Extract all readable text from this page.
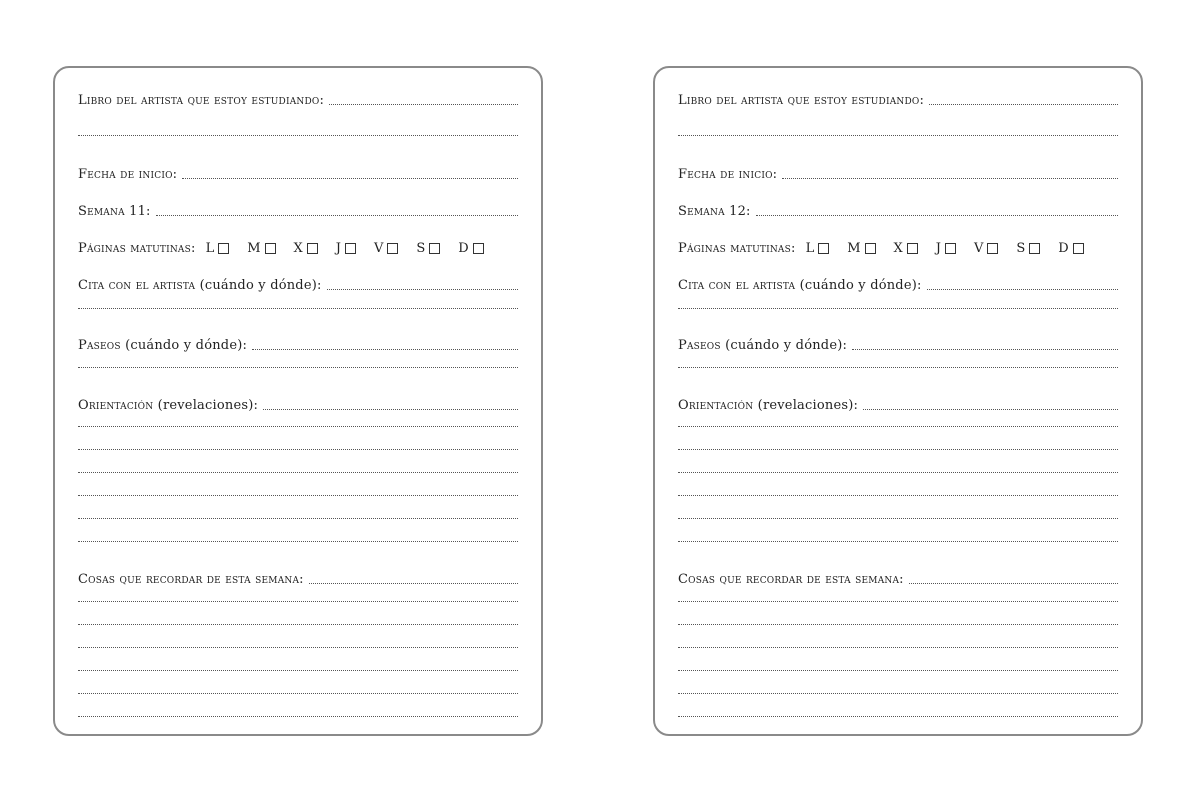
Libro del artista que estoy estudiando:
Fecha de inicio:
Semana 11:
Páginas matutinas: L	M	X	J	V	S	D
Cita con el artista (cuándo y dónde):
Paseos (cuándo y dónde):
Orientación (revelaciones):
Cosas que recordar de esta semana:
Libro del artista que estoy estudiando:
Fecha de inicio:
Semana 12:
Páginas matutinas: L	M	X	J	V	S	D
Cita con el artista (cuándo y dónde):
Paseos (cuándo y dónde):
Orientación (revelaciones):
Cosas que recordar de esta semana:
